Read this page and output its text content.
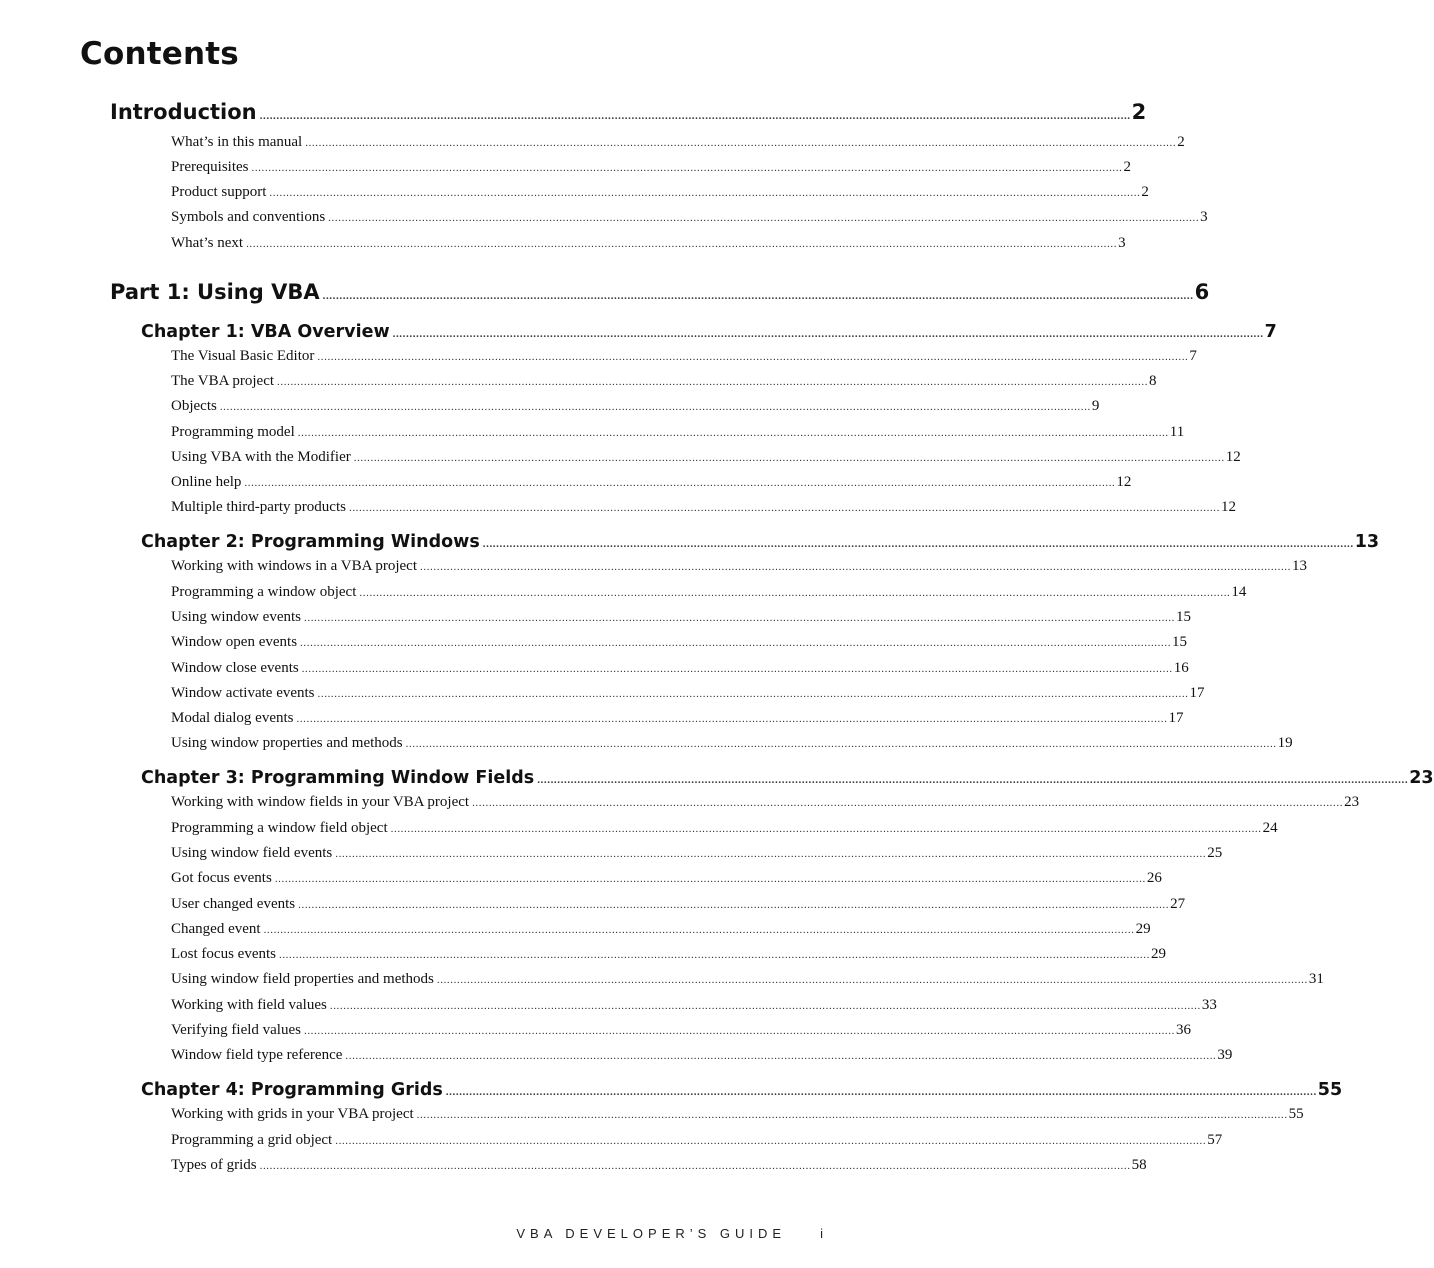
Contents
Introduction .................................................................................................................................................................................................................................................................... 2
What’s in this manual .................................................................................................................................................................................................................................................................... 2
Prerequisites .................................................................................................................................................................................................................................................................... 2
Product support .................................................................................................................................................................................................................................................................... 2
Symbols and conventions .................................................................................................................................................................................................................................................................... 3
What’s next .................................................................................................................................................................................................................................................................... 3
Part 1: Using VBA .................................................................................................................................................................................................................................................................... 6
Chapter 1: VBA Overview .................................................................................................................................................................................................................................................................... 7
The Visual Basic Editor .................................................................................................................................................................................................................................................................... 7
The VBA project .................................................................................................................................................................................................................................................................... 8
Objects .................................................................................................................................................................................................................................................................... 9
Programming model .................................................................................................................................................................................................................................................................... 11
Using VBA with the Modifier .................................................................................................................................................................................................................................................................... 12
Online help .................................................................................................................................................................................................................................................................... 12
Multiple third-party products .................................................................................................................................................................................................................................................................... 12
Chapter 2: Programming Windows .................................................................................................................................................................................................................................................................... 13
Working with windows in a VBA project .................................................................................................................................................................................................................................................................... 13
Programming a window object .................................................................................................................................................................................................................................................................... 14
Using window events .................................................................................................................................................................................................................................................................... 15
Window open events .................................................................................................................................................................................................................................................................... 15
Window close events .................................................................................................................................................................................................................................................................... 16
Window activate events .................................................................................................................................................................................................................................................................... 17
Modal dialog events .................................................................................................................................................................................................................................................................... 17
Using window properties and methods .................................................................................................................................................................................................................................................................... 19
Chapter 3: Programming Window Fields .................................................................................................................................................................................................................................................................... 23
Working with window fields in your VBA project .................................................................................................................................................................................................................................................................... 23
Programming a window field object .................................................................................................................................................................................................................................................................... 24
Using window field events .................................................................................................................................................................................................................................................................... 25
Got focus events .................................................................................................................................................................................................................................................................... 26
User changed events .................................................................................................................................................................................................................................................................... 27
Changed event .................................................................................................................................................................................................................................................................... 29
Lost focus events .................................................................................................................................................................................................................................................................... 29
Using window field properties and methods .................................................................................................................................................................................................................................................................... 31
Working with field values .................................................................................................................................................................................................................................................................... 33
Verifying field values .................................................................................................................................................................................................................................................................... 36
Window field type reference .................................................................................................................................................................................................................................................................... 39
Chapter 4: Programming Grids .................................................................................................................................................................................................................................................................... 55
Working with grids in your VBA project .................................................................................................................................................................................................................................................................... 55
Programming a grid object .................................................................................................................................................................................................................................................................... 57
Types of grids .................................................................................................................................................................................................................................................................... 58
VBA DEVELOPER’S GUIDE	i
